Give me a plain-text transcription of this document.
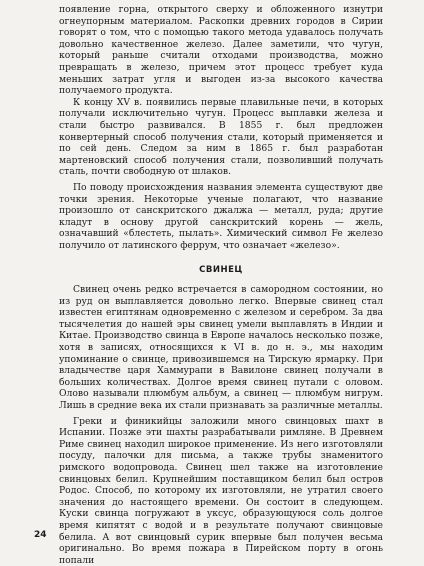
появление горна, открытого сверху и обложенного изнутри огнеупорным материалом. Раскопки древних городов в Сирии говорят о том, что с помощью такого метода удавалось получать довольно качественное железо. Далее заметили, что чугун, который раньше считали отходами производства, можно превращать в железо, причем этот процесс требует куда меньших затрат угля и выгоден из-за высокого качества получаемого продукта.

К концу XV в. появились первые плавильные печи, в которых получали исключительно чугун. Процесс выплавки железа и стали быстро развивался. В 1855 г. был предложен конвертерный способ получения стали, который применяется и по сей день. Следом за ним в 1865 г. был разработан мартеновский способ получения стали, позволивший получать сталь, почти свободную от шлаков.

По поводу происхождения названия элемента существуют две точки зрения. Некоторые ученые полагают, что название произошло от санскритского джалжа — металл, руда; другие кладут в основу другой санскритский корень — жель, означавший «блестеть, пылать». Химический символ Fe железо получило от латинского феррум, что означает «железо».

СВИНЕЦ

Свинец очень редко встречается в самородном состоянии, но из руд он выплавляется довольно легко. Впервые свинец стал известен египтянам одновременно с железом и серебром. За два тысячелетия до нашей эры свинец умели выплавлять в Индии и Китае. Производство свинца в Европе началось несколько позже, хотя в записях, относящихся к VI в. до н. э., мы находим упоминание о свинце, привозившемся на Тирскую ярмарку. При владычестве царя Хаммурапи в Вавилоне свинец получали в больших количествах. Долгое время свинец путали с оловом. Олово называли плюмбум альбум, а свинец — плюмбум нигрум. Лишь в средние века их стали признавать за различные металлы.

Греки и финикийцы заложили много свинцовых шахт в Испании. Позже эти шахты разрабатывали римляне. В Древнем Риме свинец находил широкое применение. Из него изготовляли посуду, палочки для письма, а также трубы знаменитого римского водопровода. Свинец шел также на изготовление свинцовых белил. Крупнейшим поставщиком белил был остров Родос. Способ, по которому их изготовляли, не утратил своего значения до настоящего времени. Он состоит в следующем. Куски свинца погружают в уксус, образующуюся соль долгое время кипятят с водой и в результате получают свинцовые белила. А вот свинцовый сурик впервые был получен весьма оригинально. Во время пожара в Пирейском порту в огонь попали

24
